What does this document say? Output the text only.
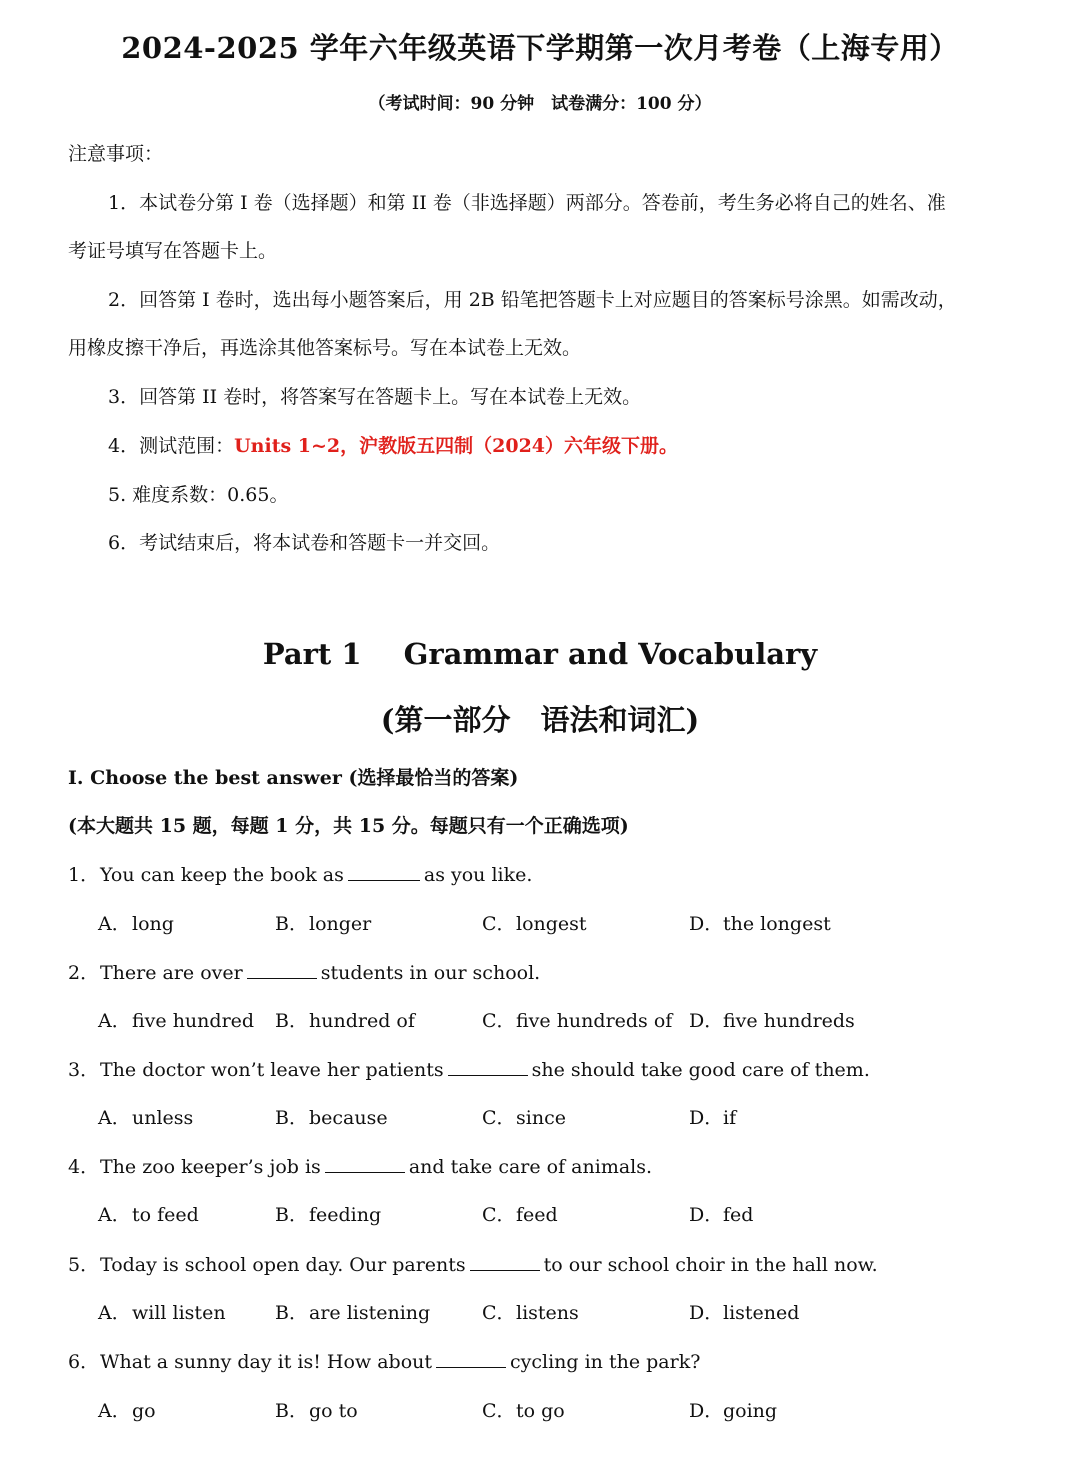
2024-2025 学年六年级英语下学期第一次月考卷（上海专用）
（考试时间：90 分钟　试卷满分：100 分）
注意事项：
1．本试卷分第 I 卷（选择题）和第 II 卷（非选择题）两部分。答卷前，考生务必将自己的姓名、准
考证号填写在答题卡上。
2．回答第 I 卷时，选出每小题答案后，用 2B 铅笔把答题卡上对应题目的答案标号涂黑。如需改动，
用橡皮擦干净后，再选涂其他答案标号。写在本试卷上无效。
3．回答第 II 卷时，将答案写在答题卡上。写在本试卷上无效。
4．测试范围：Units 1~2，沪教版五四制（2024）六年级下册。
5. 难度系数：0.65。
6．考试结束后，将本试卷和答题卡一并交回。
Part 1 Grammar and Vocabulary
(第一部分 语法和词汇)
I. Choose the best answer (选择最恰当的答案)
(本大题共 15 题，每题 1 分，共 15 分。每题只有一个正确选项)
1．You can keep the book as	as you like.
A．long	B．longer	C．longest	D．the longest
2．There are over	students in our school.
A．five hundred B．hundred of	C．five hundreds of D．five hundreds
3．The doctor won’t leave her patients	she should take good care of them.
A．unless	B．because	C．since	D．if
4．The zoo keeper’s job is	and take care of animals.
A．to feed	B．feeding	C．feed	D．fed
5．Today is school open day. Our parents	to our school choir in the hall now.
A．will listen	B．are listening	C．listens	D．listened
6．What a sunny day it is! How about	cycling in the park?
A．go	B．go to	C．to go	D．going
